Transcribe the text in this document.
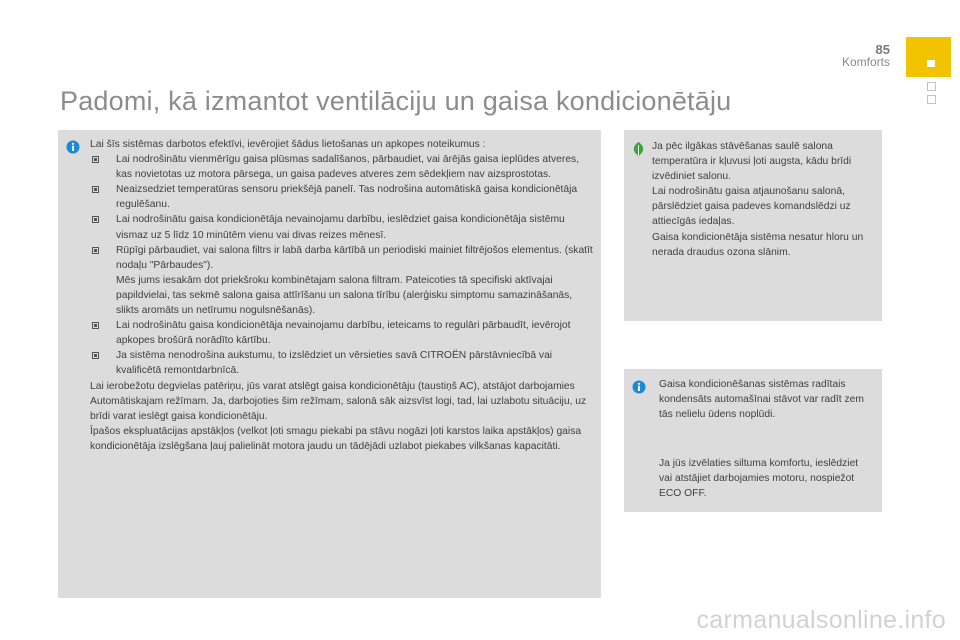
85
Komforts
Padomi, kā izmantot ventilāciju un gaisa kondicionētāju

Lai šīs sistēmas darbotos efektīvi, ievērojiet šādus lietošanas un apkopes noteikumus :

Lai nodrošinātu vienmērīgu gaisa plūsmas sadalīšanos, pārbaudiet, vai ārējās gaisa ieplūdes atveres, kas novietotas uz motora pārsega, un gaisa padeves atveres zem sēdekļiem nav aizsprostotas.
Neaizsedziet temperatūras sensoru priekšējā panelī. Tas nodrošina automātiskā gaisa kondicionētāja regulēšanu.
Lai nodrošinātu gaisa kondicionētāja nevainojamu darbību, ieslēdziet gaisa kondicionētāja sistēmu vismaz uz 5 līdz 10 minūtēm vienu vai divas reizes mēnesī.
Rūpīgi pārbaudiet, vai salona filtrs ir labā darba kārtībā un periodiski mainiet filtrējošos elementus. (skatīt nodaļu "Pārbaudes").
Mēs jums iesakām dot priekšroku kombinētajam salona filtram. Pateicoties tā specifiski aktīvajai papildvielai, tas sekmē salona gaisa attīrīšanu un salona tīrību (alerģisku simptomu samazināšanās, slikts aromāts un netīrumu nogulsnēšanās).
Lai nodrošinātu gaisa kondicionētāja nevainojamu darbību, ieteicams to regulāri pārbaudīt, ievērojot apkopes brošūrā norādīto kārtību.
Ja sistēma nenodrošina aukstumu, to izslēdziet un vērsieties savā CITROËN pārstāvniecībā vai kvalificētā remontdarbnīcā.

Lai ierobežotu degvielas patēriņu, jūs varat atslēgt gaisa kondicionētāju (taustiņš AC), atstājot darbojamies Automātiskajam režīmam. Ja, darbojoties šim režīmam, salonā sāk aizsvīst logi, tad, lai uzlabotu situāciju, uz brīdi varat ieslēgt gaisa kondicionētāju.

Īpašos ekspluatācijas apstākļos (velkot ļoti smagu piekabi pa stāvu nogāzi ļoti karstos laika apstākļos) gaisa kondicionētāja izslēgšana ļauj palielināt motora jaudu un tādējādi uzlabot piekabes vilkšanas kapacitāti.

Ja pēc ilgākas stāvēšanas saulē salona temperatūra ir kļuvusi ļoti augsta, kādu brīdi izvēdiniet salonu.
Lai nodrošinātu gaisa atjaunošanu salonā, pārslēdziet gaisa padeves komandslēdzi uz attiecīgās iedaļas.
Gaisa kondicionētāja sistēma nesatur hloru un nerada draudus ozona slānim.
Gaisa kondicionēšanas sistēmas radītais kondensāts automašīnai stāvot var radīt zem tās nelielu ūdens noplūdi.
Ja jūs izvēlaties siltuma komfortu, ieslēdziet vai atstājiet darbojamies motoru, nospiežot ECO OFF.
carmanualsonline.info
